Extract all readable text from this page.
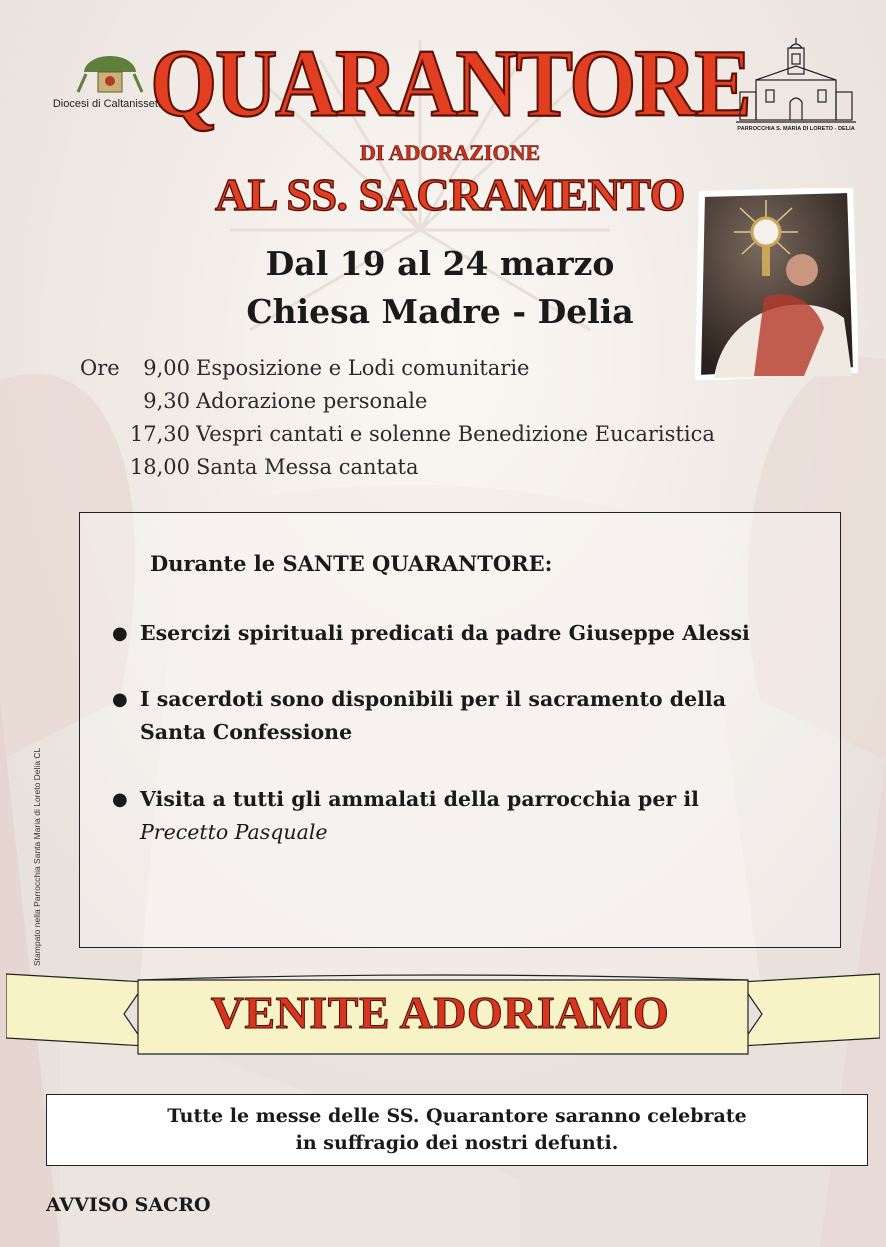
Diocesi di Caltanissetta
QUARANTORE
DI ADORAZIONE
AL SS. SACRAMENTO
PARROCCHIA S. MARIA DI LORETO - DELIA
Dal 19 al 24 marzo
Chiesa Madre - Delia
Ore	9,00 Esposizione e Lodi comunitarie
9,30 Adorazione personale
17,30 Vespri cantati e solenne Benedizione Eucaristica
18,00 Santa Messa cantata
Durante le SANTE QUARANTORE:
● Esercizi spirituali predicati da padre Giuseppe Alessi
● I sacerdoti sono disponibili per il sacramento della
Santa Confessione
● Visita a tutti gli ammalati della parrocchia per il
Precetto Pasquale
VENITE ADORIAMO
Tutte le messe delle SS. Quarantore saranno celebrate
in suffragio dei nostri defunti.
AVVISO SACRO
Stampato nella Parrocchia Santa Maria di Loreto Delia CL
